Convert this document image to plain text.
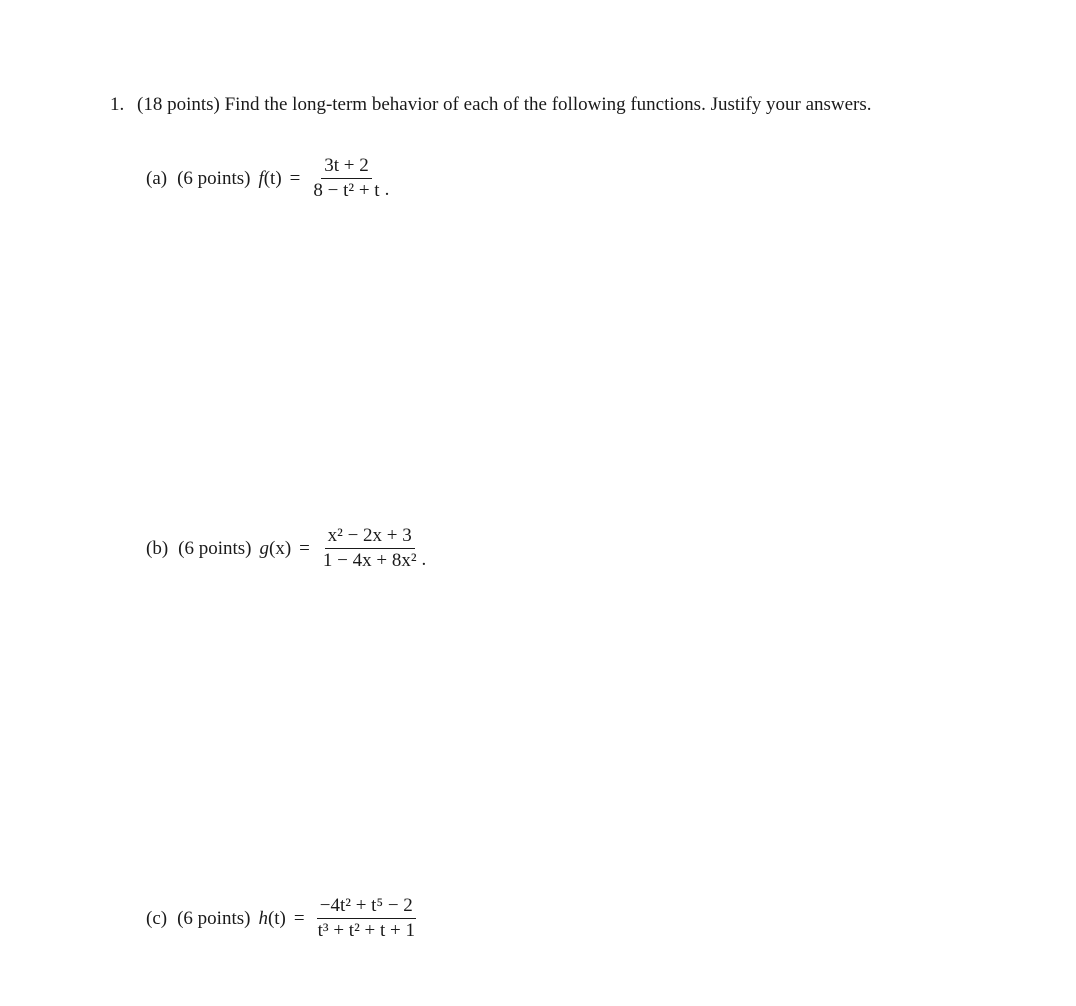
1. (18 points) Find the long-term behavior of each of the following functions. Justify your answers.
(a) (6 points) f $(t) = \frac{3t + 2}{\text{8 − t² + t}}$ .
(b) (6 points) g $(x) = \frac{\text{x² − 2x + 3}}{\text{1 − 4x + 8x²}}$ .
(c) (6 points) h $(t) = \frac{\text{−4t² + t⁵ − 2}}{\text{t³ + t² + t + 1}}$
